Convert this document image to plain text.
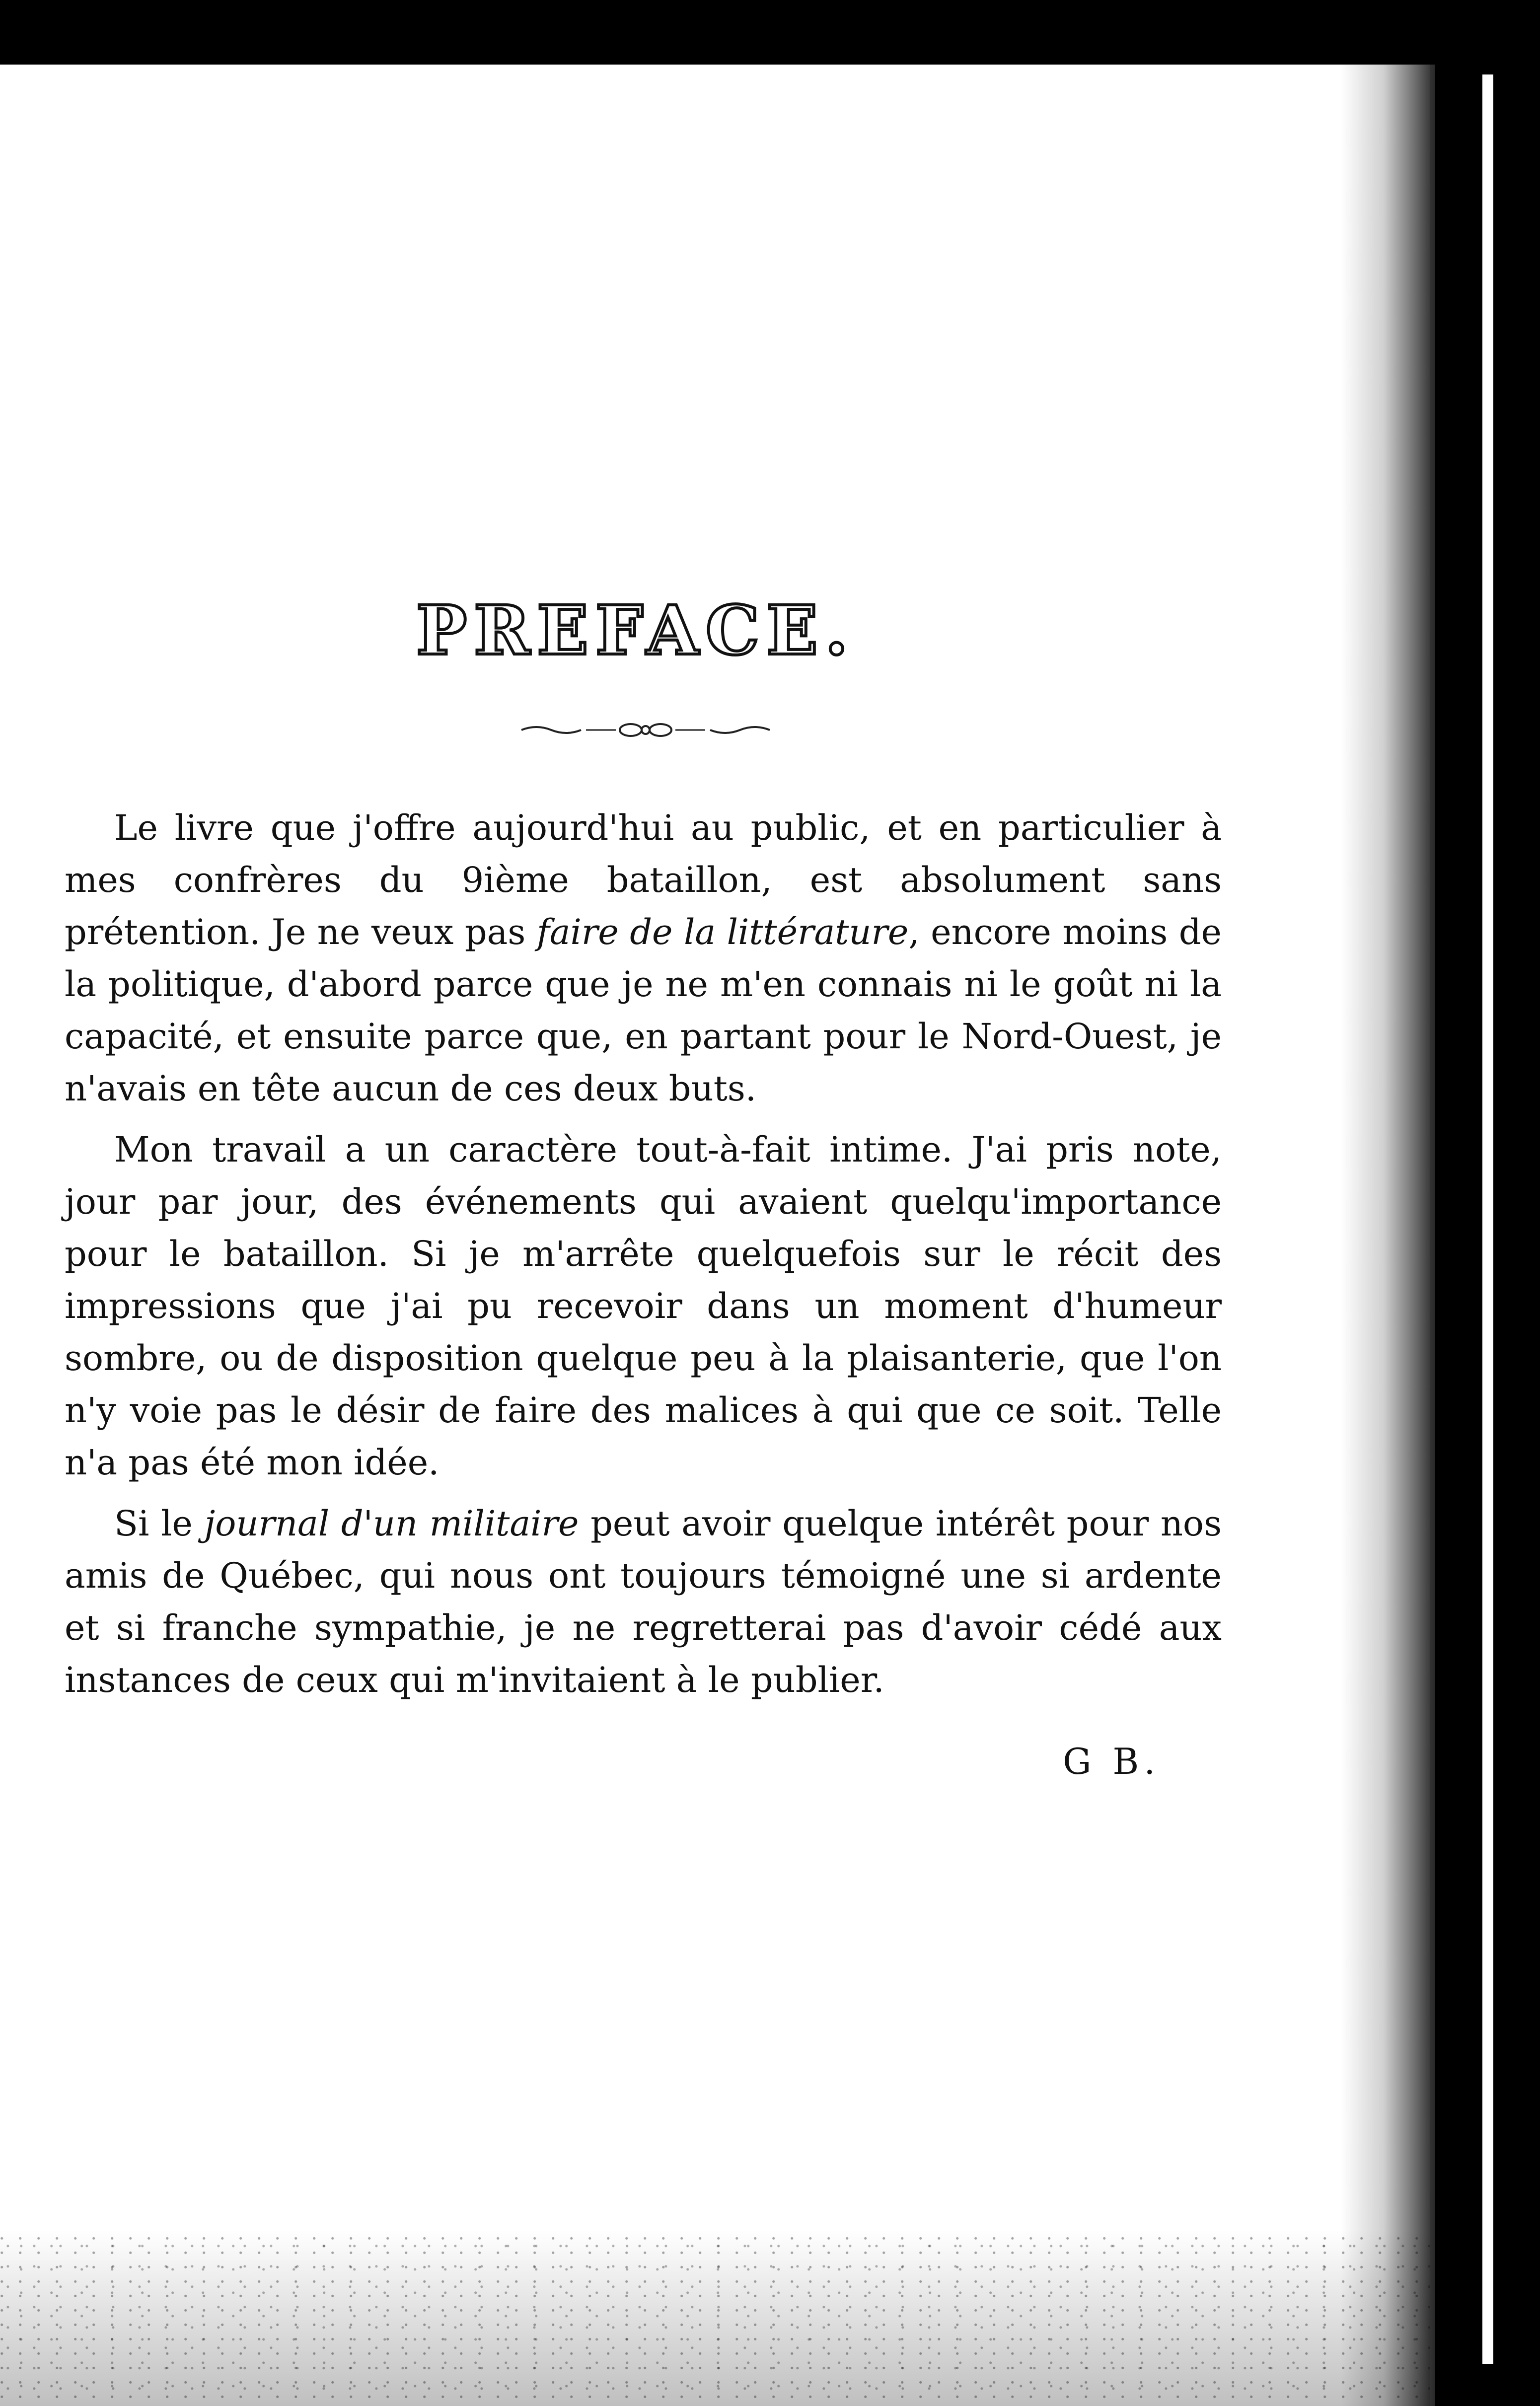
PREFACE.

Le livre que j'offre aujourd'hui au public, et en particulier à mes confrères du 9ième bataillon, est absolument sans prétention. Je ne veux pas faire de la littérature, encore moins de la politique, d'abord parce que je ne m'en connais ni le goût ni la capacité, et ensuite parce que, en partant pour le Nord-Ouest, je n'avais en tête aucun de ces deux buts.

Mon travail a un caractère tout-à-fait intime. J'ai pris note, jour par jour, des événements qui avaient quelqu'importance pour le bataillon. Si je m'arrête quelquefois sur le récit des impressions que j'ai pu recevoir dans un moment d'humeur sombre, ou de disposition quelque peu à la plaisanterie, que l'on n'y voie pas le désir de faire des malices à qui que ce soit. Telle n'a pas été mon idée.

Si le journal d'un militaire peut avoir quelque intérêt pour nos amis de Québec, qui nous ont toujours témoigné une si ardente et si franche sympathie, je ne regretterai pas d'avoir cédé aux instances de ceux qui m'invitaient à le publier.

G B.
